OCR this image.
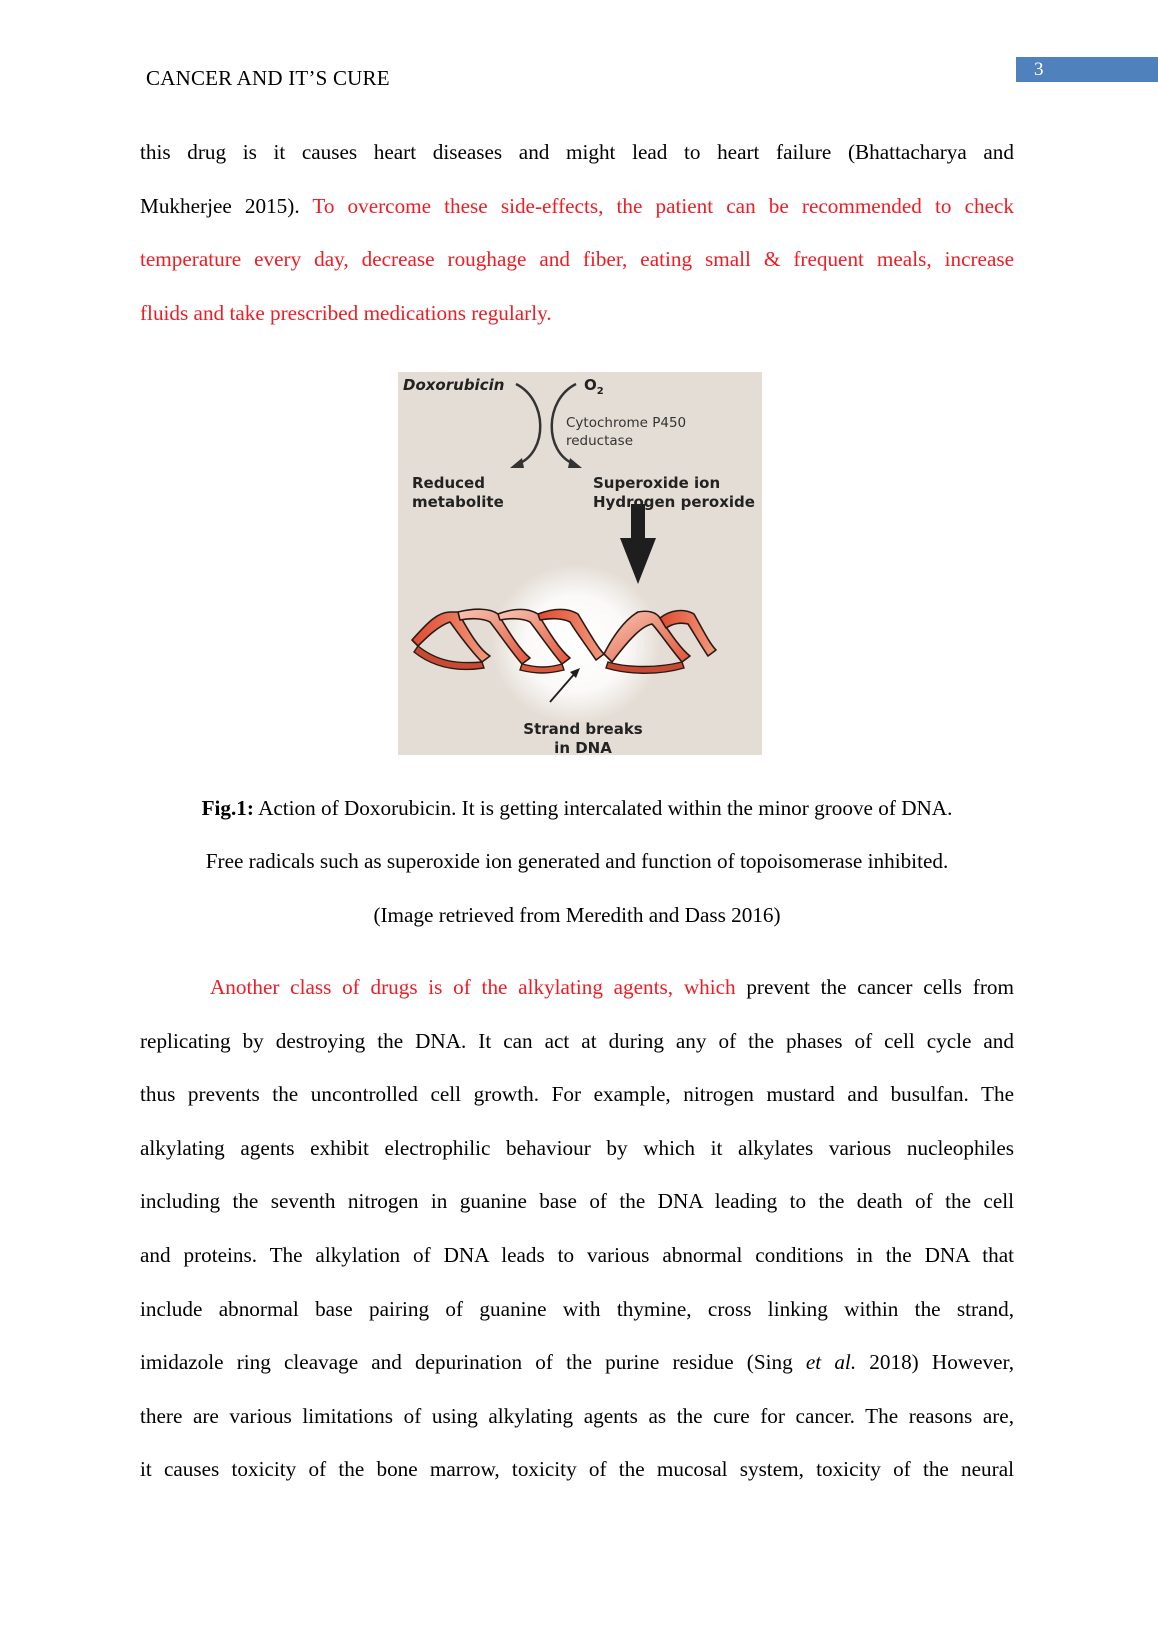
CANCER AND IT’S CURE	3
this drug is it causes heart diseases and might lead to heart failure (Bhattacharya and
Mukherjee 2015). To overcome these side-effects, the patient can be recommended to check
temperature every day, decrease roughage and fiber, eating small & frequent meals, increase
fluids and take prescribed medications regularly.
Doxorubicin	$O_2$
Cytochrome P450
reductase
Reduced
metabolite
Superoxide ion
Hydrogen peroxide
Strand breaks
in DNA

Fig.1: Action of Doxorubicin. It is getting intercalated within the minor groove of DNA.

Free radicals such as superoxide ion generated and function of topoisomerase inhibited.

(Image retrieved from Meredith and Dass 2016)

Another class of drugs is of the alkylating agents, which prevent the cancer cells from
replicating by destroying the DNA. It can act at during any of the phases of cell cycle and
thus prevents the uncontrolled cell growth. For example, nitrogen mustard and busulfan. The
alkylating agents exhibit electrophilic behaviour by which it alkylates various nucleophiles
including the seventh nitrogen in guanine base of the DNA leading to the death of the cell
and proteins. The alkylation of DNA leads to various abnormal conditions in the DNA that
include abnormal base pairing of guanine with thymine, cross linking within the strand,
imidazole ring cleavage and depurination of the purine residue (Sing et al. 2018) However,
there are various limitations of using alkylating agents as the cure for cancer. The reasons are,
it causes toxicity of the bone marrow, toxicity of the mucosal system, toxicity of the neural
